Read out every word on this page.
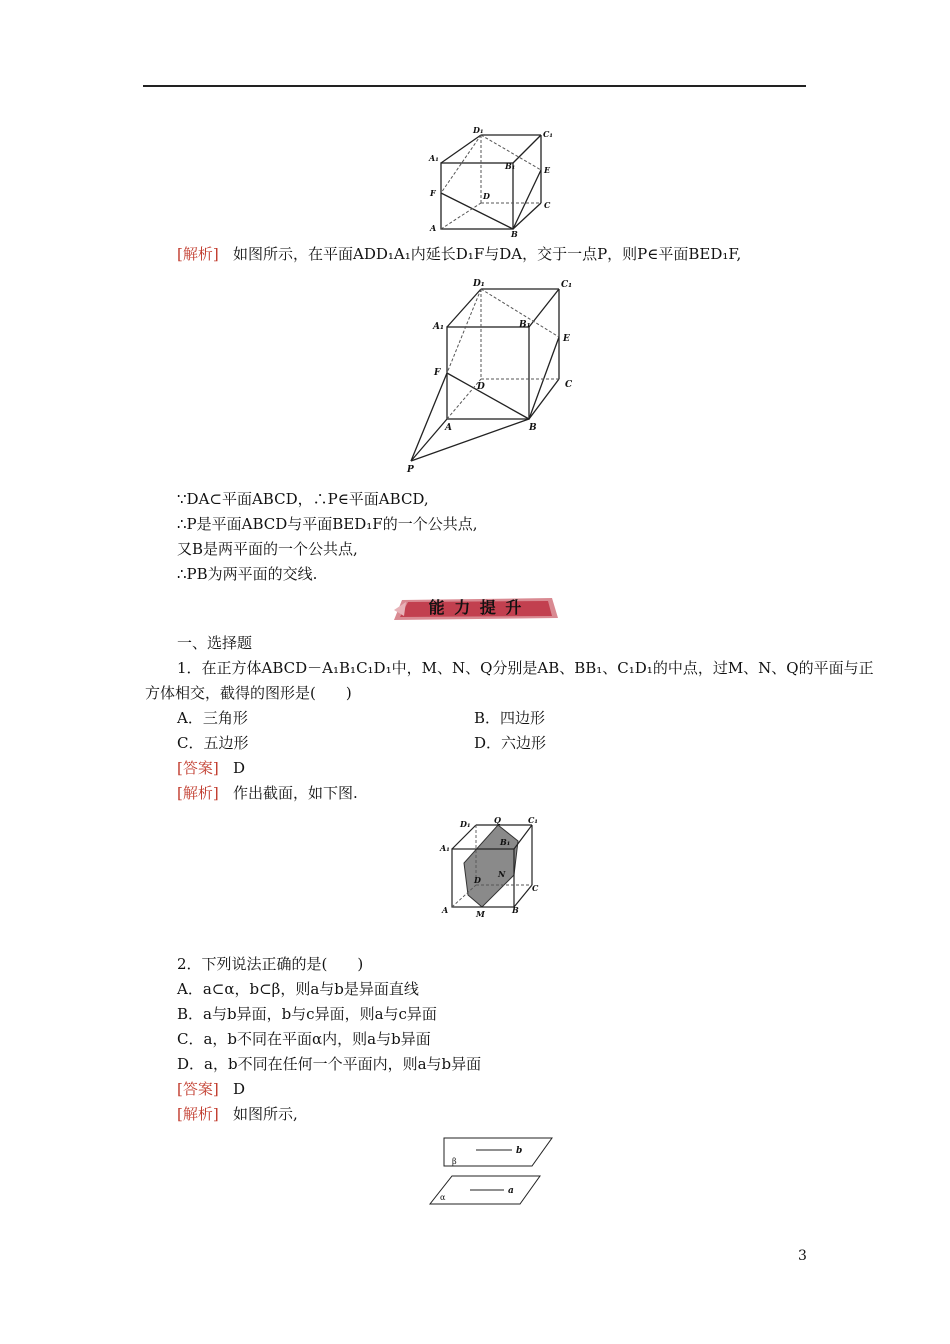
D₁	C₁
A₁
B₁	E
F	D
C
A
B
[解析] 如图所示，在平面ADD₁A₁内延长D₁F与DA，交于一点P，则P∈平面BED₁F,
D₁	C₁
A₁	B₁
E
F
D	C
A	B
P
∵DA⊂平面ABCD，∴P∈平面ABCD,
∴P是平面ABCD与平面BED₁F的一个公共点,
又B是两平面的一个公共点,
∴PB为两平面的交线.
能 力 提 升
一、选择题
1．在正方体ABCD－A₁B₁C₁D₁中，M、N、Q分别是AB、BB₁、C₁D₁的中点，过M、N、Q的平面与正
方体相交，截得的图形是(　　)
A．三角形	B．四边形
C．五边形	D．六边形
[答案] D
[解析] 作出截面，如下图.
D₁	Q	C₁
A₁
B₁
D
N
C
A	M	B
2．下列说法正确的是(　　)
A．a⊂α，b⊂β，则a与b是异面直线
B．a与b异面，b与c异面，则a与c异面
C．a，b不同在平面α内，则a与b异面
D．a，b不同在任何一个平面内，则a与b异面
[答案] D
[解析] 如图所示,
b
β
a
α
3
